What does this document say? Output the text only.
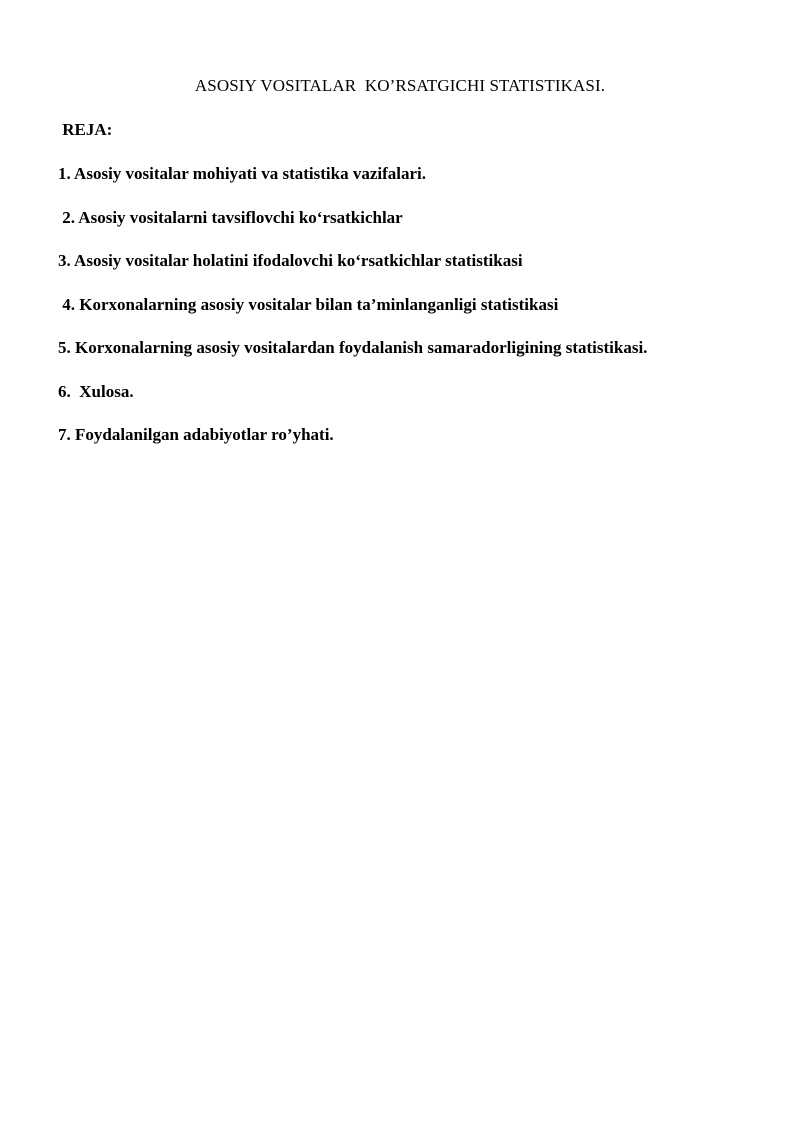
ASOSIY VOSITALAR  KO’RSATGICHI STATISTIKASI.
REJA:
1. Asosiy vositalar mohiyati va statistika vazifalari.
2. Asosiy vositalarni tavsiflovchi ko‘rsatkichlar
3. Asosiy vositalar holatini ifodalovchi ko‘rsatkichlar statistikasi
4. Korxonalarning asosiy vositalar bilan ta’minlanganligi statistikasi
5. Korxonalarning asosiy vositalardan foydalanish samaradorligining statistikasi.
6.  Xulosa.
7. Foydalanilgan adabiyotlar ro’yhati.
